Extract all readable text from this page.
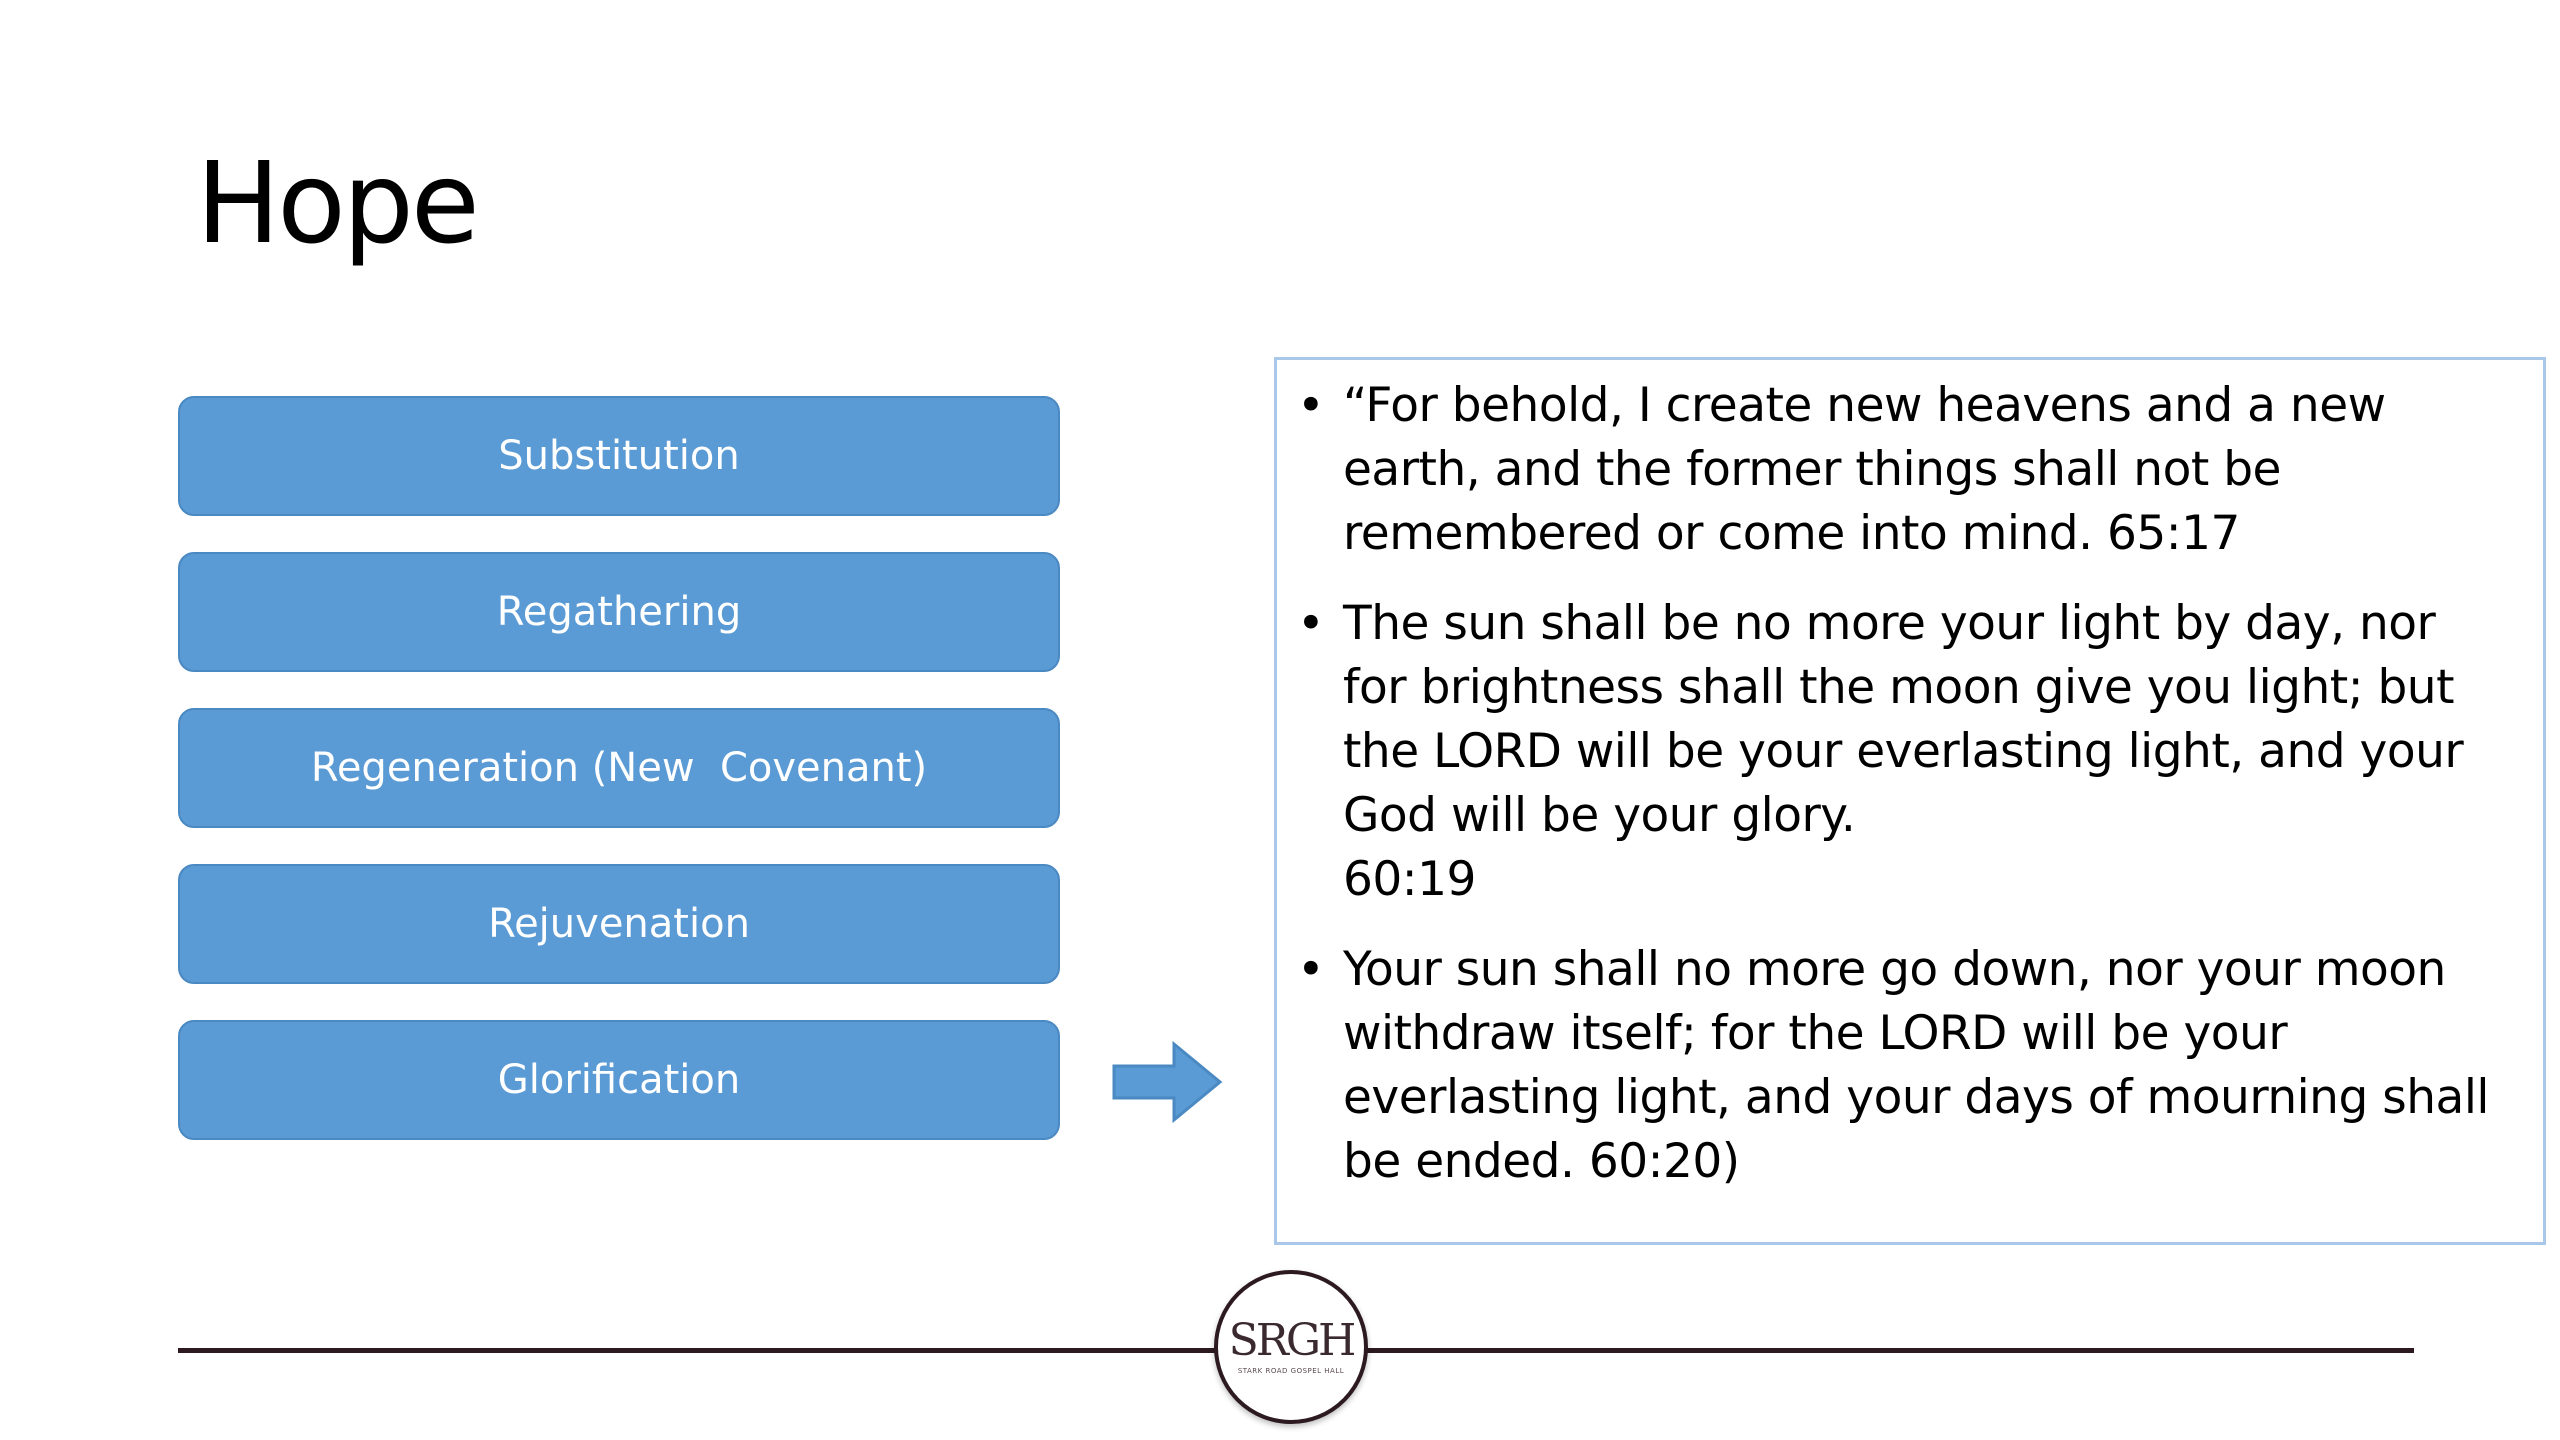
Hope
Substitution
Regathering
Regeneration (New  Covenant)
Rejuvenation
Glorification
• “For behold, I create new heavens and a new
earth, and the former things shall not be
remembered or come into mind. 65:17
• The sun shall be no more your light by day, nor
for brightness shall the moon give you light; but
the LORD will be your everlasting light, and your
God will be your glory.
60:19
• Your sun shall no more go down, nor your moon
withdraw itself; for the LORD will be your
everlasting light, and your days of mourning shall
be ended. 60:20)
SRGH
STARK ROAD GOSPEL HALL
